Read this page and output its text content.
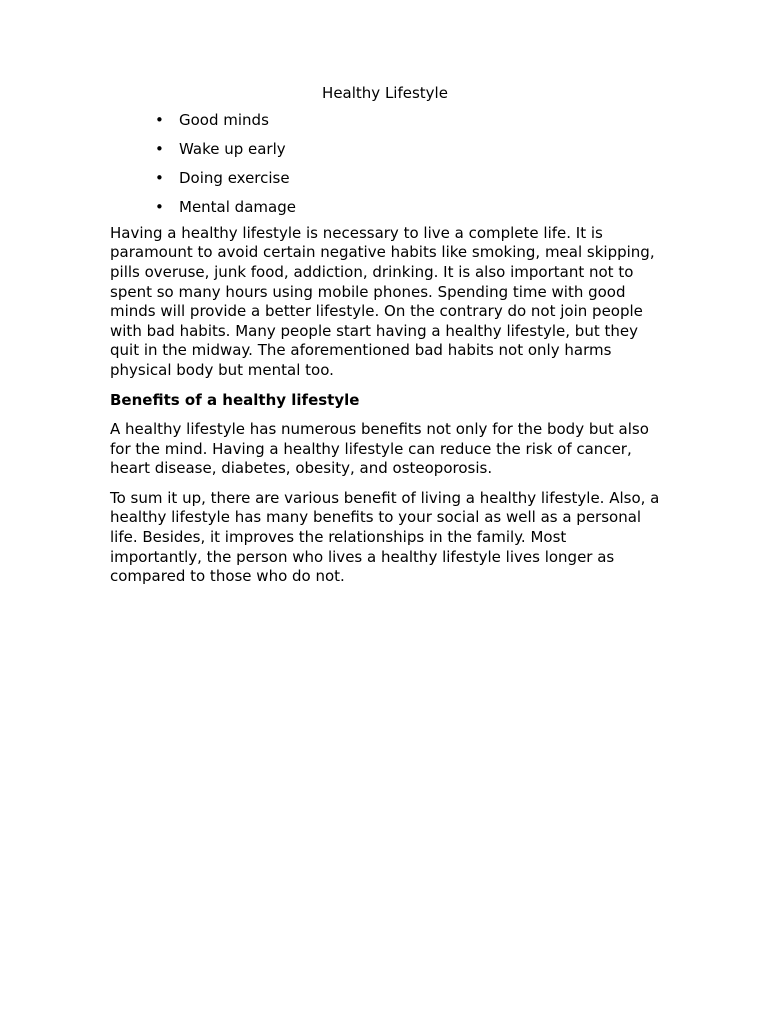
Healthy Lifestyle
• Good minds
• Wake up early
• Doing exercise
• Mental damage

Having a healthy lifestyle is necessary to live a complete life. It is paramount to avoid certain negative habits like smoking, meal skipping, pills overuse, junk food, addiction, drinking. It is also important not to spent so many hours using mobile phones. Spending time with good minds will provide a better lifestyle. On the contrary do not join people with bad habits. Many people start having a healthy lifestyle, but they quit in the midway. The aforementioned bad habits not only harms physical body but mental too.

Benefits of a healthy lifestyle

A healthy lifestyle has numerous benefits not only for the body but also for the mind. Having a healthy lifestyle can reduce the risk of cancer, heart disease, diabetes, obesity, and osteoporosis.

To sum it up, there are various benefit of living a healthy lifestyle. Also, a healthy lifestyle has many benefits to your social as well as a personal life. Besides, it improves the relationships in the family. Most importantly, the person who lives a healthy lifestyle lives longer as compared to those who do not.
